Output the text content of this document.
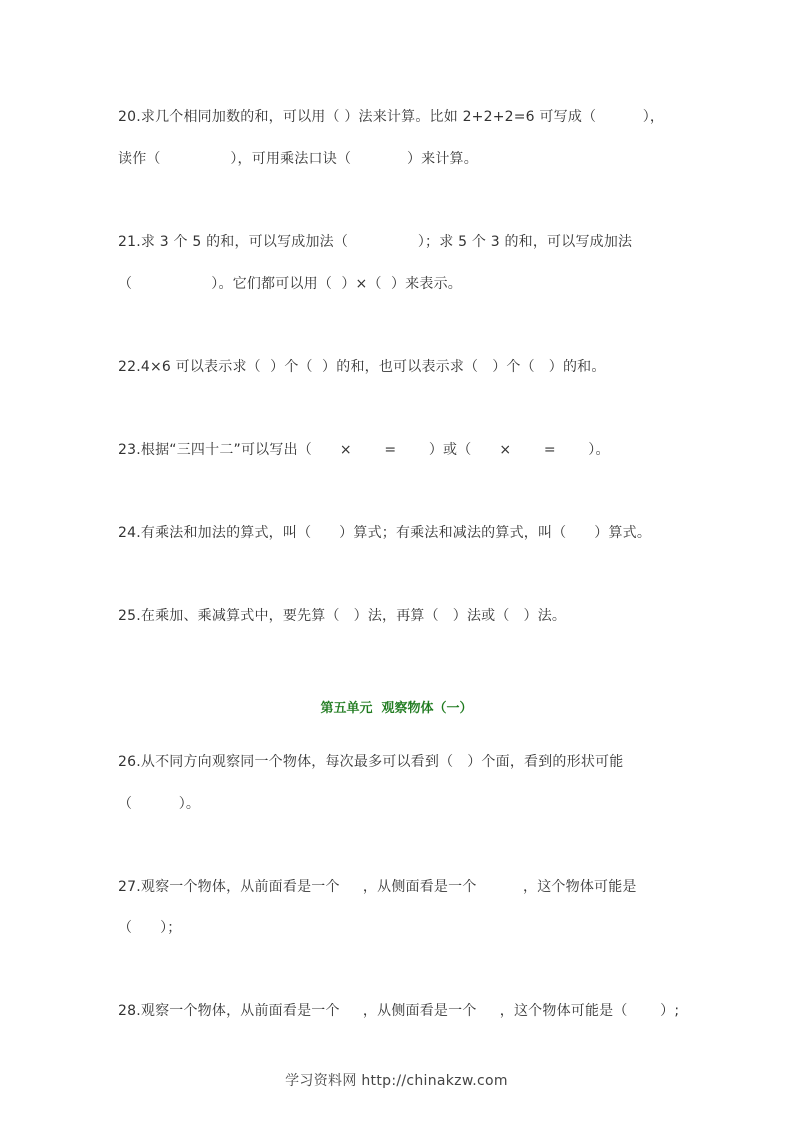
20.求几个相同加数的和，可以用（ ）法来计算。比如 2+2+2=6 可写成（          ），
读作（               ），可用乘法口诀（            ）来计算。
21.求 3 个 5 的和，可以写成加法（               ）；求 5 个 3 的和，可以写成加法
（                 ）。它们都可以用（  ）×（  ）来表示。
22.4×6 可以表示求（  ）个（  ）的和，也可以表示求（   ）个（   ）的和。
23.根据“三四十二”可以写出（      ×       =       ）或（      ×       =       ）。
24.有乘法和加法的算式，叫（      ）算式；有乘法和减法的算式，叫（      ）算式。
25.在乘加、乘减算式中，要先算（   ）法，再算（   ）法或（   ）法。
第五单元  观察物体（一）
26.从不同方向观察同一个物体，每次最多可以看到（   ）个面，看到的形状可能
（          ）。
27.观察一个物体，从前面看是一个     ，从侧面看是一个          ，这个物体可能是
（      ）；
28.观察一个物体，从前面看是一个     ，从侧面看是一个     ，这个物体可能是（       ）;
学习资料网 http://chinakzw.com
